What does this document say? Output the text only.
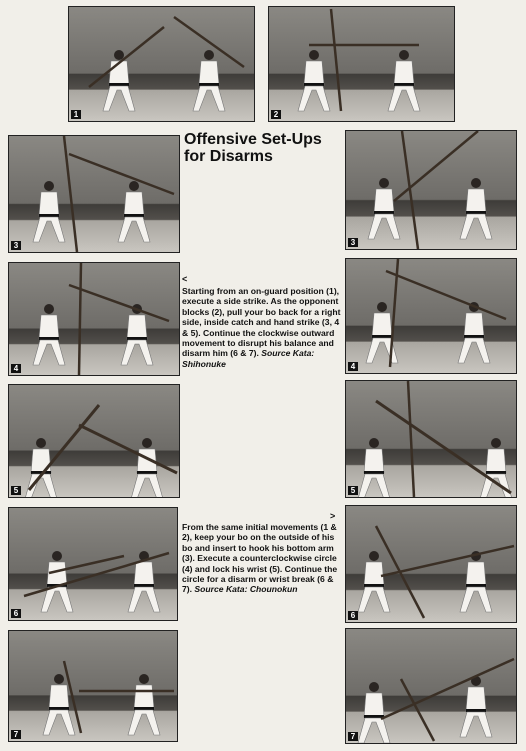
Offensive Set-Ups for Disarms
<

Starting from an on-guard position (1), execute a side strike. As the opponent blocks (2), pull your bo back for a right side, inside catch and hand strike (3, 4 & 5). Continue the clockwise outward movement to disrupt his balance and disarm him (6 & 7). Source Kata: Shihonuke

>

From the same initial movements (1 & 2), keep your bo on the outside of his bo and insert to hook his bottom arm (3). Execute a counterclockwise circle (4) and lock his wrist (5). Continue the circle for a disarm or wrist break (6 & 7). Source Kata: Chounokun

1	2
3
4
5
6
7
3
4
5
6
7
